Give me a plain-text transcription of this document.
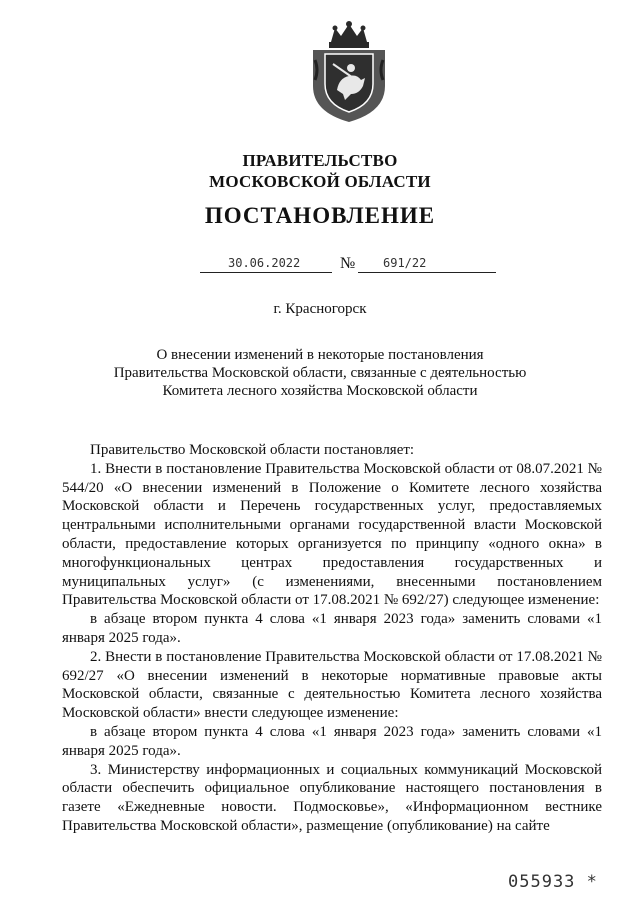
ПРАВИТЕЛЬСТВО
МОСКОВСКОЙ ОБЛАСТИ
ПОСТАНОВЛЕНИЕ
30.06.2022 № 691/22
г. Красногорск
О внесении изменений в некоторые постановления
Правительства Московской области, связанные с деятельностью
Комитета лесного хозяйства Московской области

Правительство Московской области постановляет:

1. Внести в постановление Правительства Московской области от 08.07.2021 № 544/20 «О внесении изменений в Положение о Комитете лесного хозяйства Московской области и Перечень государственных услуг, предоставляемых центральными исполнительными органами государственной власти Московской области, предоставление которых организуется по принципу «одного окна» в многофункциональных центрах предоставления государственных и муниципальных услуг» (с изменениями, внесенными постановлением Правительства Московской области от 17.08.2021 № 692/27) следующее изменение:

в абзаце втором пункта 4 слова «1 января 2023 года» заменить словами «1 января 2025 года».

2. Внести в постановление Правительства Московской области от 17.08.2021 № 692/27 «О внесении изменений в некоторые нормативные правовые акты Московской области, связанные с деятельностью Комитета лесного хозяйства Московской области» внести следующее изменение:

в абзаце втором пункта 4 слова «1 января 2023 года» заменить словами «1 января 2025 года».

3. Министерству информационных и социальных коммуникаций Московской области обеспечить официальное опубликование настоящего постановления в газете «Ежедневные новости. Подмосковье», «Информационном вестнике Правительства Московской области», размещение (опубликование) на сайте

055933 *
